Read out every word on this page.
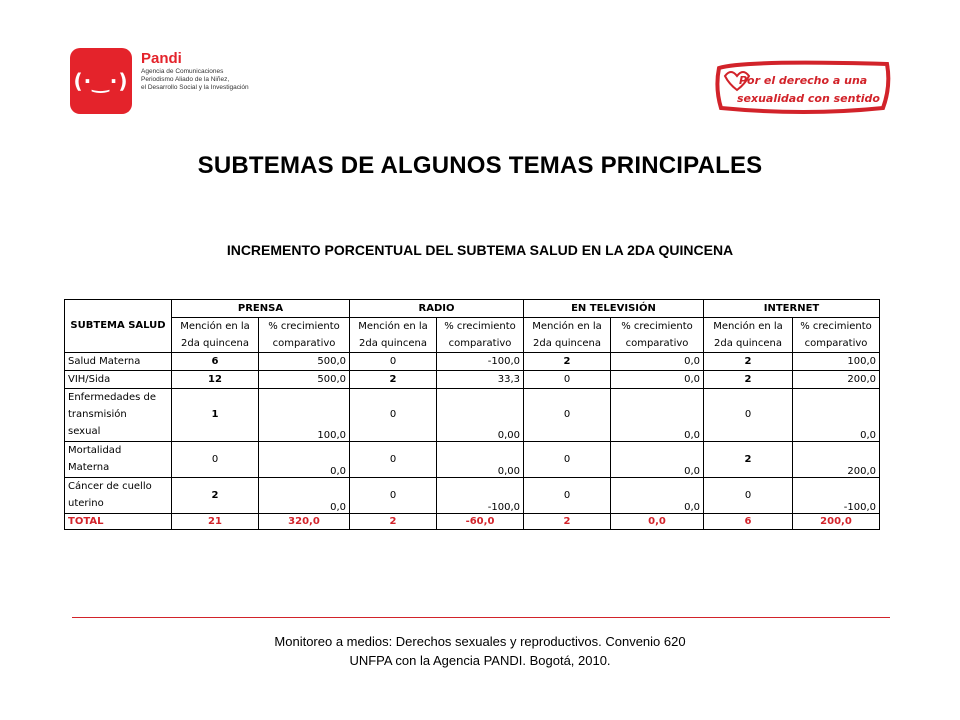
(·‿·)
Pandi
Agencia de Comunicaciones
Periodismo Aliado de la Niñez,
el Desarrollo Social y la Investigación
Por el derecho a una
sexualidad con sentido
SUBTEMAS DE ALGUNOS TEMAS PRINCIPALES
INCREMENTO PORCENTUAL DEL SUBTEMA SALUD EN LA 2DA QUINCENA
	PRENSA		RADIO		EN TELEVISIÓN		INTERNET	
SUBTEMA SALUD	Mención en la	% crecimiento	Mención en la	% crecimiento	Mención en la	% crecimiento	Mención en la	% crecimiento
	2da quincena	comparativo	2da quincena	comparativo	2da quincena	comparativo	2da quincena	comparativo
Salud Materna	6	500,0	0	-100,0	2	0,0	2	100,0
VIH/Sida	12	500,0	2	33,3	0	0,0	2	200,0
Enfermedades de
transmisión
sexual	1	100,0	0	0,00	0	0,0	0	0,0
Mortalidad
Materna	0	0,0	0	0,00	0	0,0	2	200,0
Cáncer de cuello
uterino	2	0,0	0	-100,0	0	0,0	0	-100,0
TOTAL	21	320,0	2	-60,0	2	0,0	6	200,0
Monitoreo a medios: Derechos sexuales y reproductivos. Convenio 620
UNFPA con la Agencia PANDI. Bogotá, 2010.
